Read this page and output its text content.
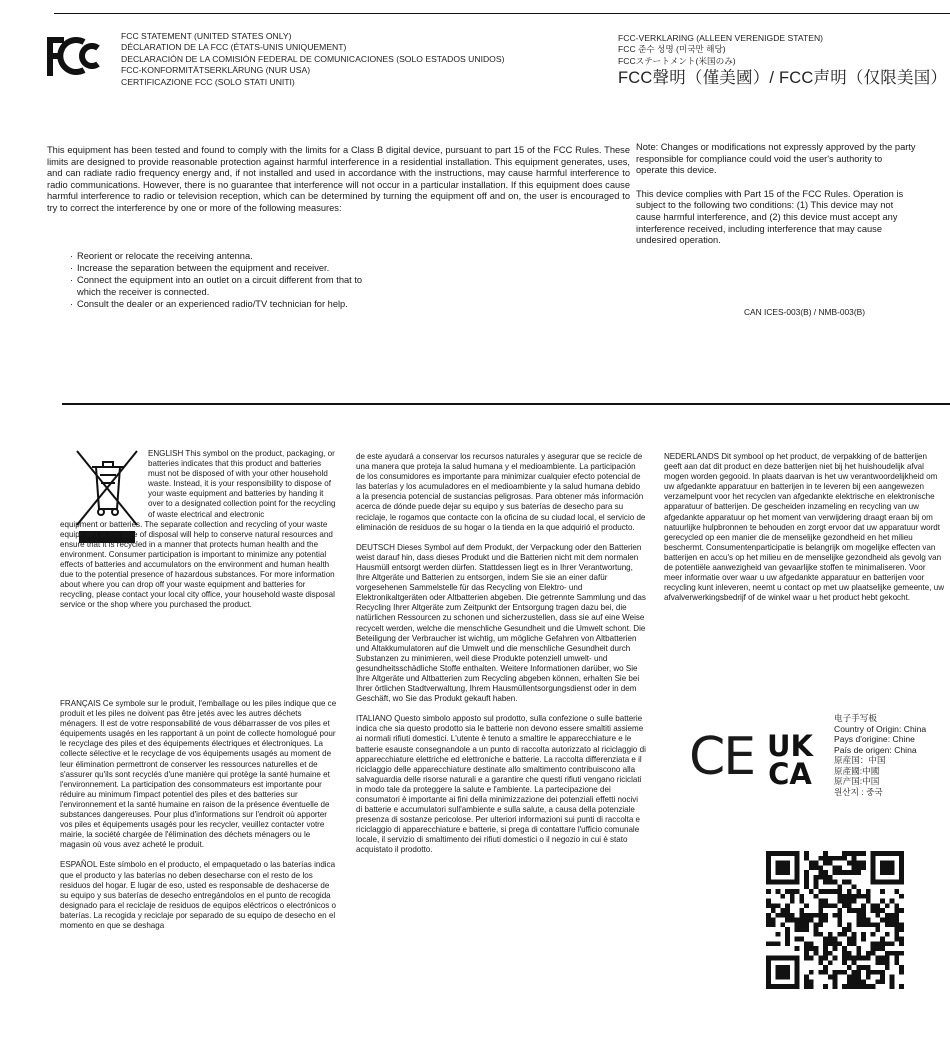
FCC STATEMENT (UNITED STATES ONLY)
DÉCLARATION DE LA FCC (ÉTATS-UNIS UNIQUEMENT)
DECLARACIÓN DE LA COMISIÓN FEDERAL DE COMUNICACIONES (SOLO ESTADOS UNIDOS)
FCC-KONFORMITÄTSERKLÄRUNG (NUR USA)
CERTIFICAZIONE FCC (SOLO STATI UNITI)
FCC-VERKLARING (ALLEEN VERENIGDE STATEN)
FCC 준수 성명 (미국만 해당)
FCCステートメント(米国のみ)
FCC聲明（僅美國）/ FCC声明（仅限美国）
This equipment has been tested and found to comply with the limits for a Class B digital device, pursuant to part 15 of the FCC Rules. These limits are designed to provide reasonable protection against harmful interference in a residential installation. This equipment generates, uses, and can radiate radio frequency energy and, if not installed and used in accordance with the instructions, may cause harmful interference to radio communications. However, there is no guarantee that interference will not occur in a particular installation. If this equipment does cause harmful interference to radio or television reception, which can be determined by turning the equipment off and on, the user is encouraged to try to correct the interference by one or more of the following measures:
· Reorient or relocate the receiving antenna.
· Increase the separation between the equipment and receiver.
· Connect the equipment into an outlet on a circuit different from that to
which the receiver is connected.
· Consult the dealer or an experienced radio/TV technician for help.

Note: Changes or modifications not expressly approved by the party responsible for compliance could void the user's authority to operate this device.

This device complies with Part 15 of the FCC Rules. Operation is subject to the following two conditions: (1) This device may not cause harmful interference, and (2) this device must accept any interference received, including interference that may cause undesired operation.

CAN ICES-003(B) / NMB-003(B)
ENGLISH This symbol on the product, packaging, or batteries indicates that this product and batteries must not be disposed of with your other household waste. Instead, it is your responsibility to dispose of your waste equipment and batteries by handing it over to a designated collection point for the recycling of waste electrical and electronic
equipment or batteries. The separate collection and recycling of your waste equipment at the time of disposal will help to conserve natural resources and ensure that it is recycled in a manner that protects human health and the environment. Consumer participation is important to minimize any potential effects of batteries and accumulators on the environment and human health due to the potential presence of hazardous substances. For more information about where you can drop off your waste equipment and batteries for recycling, please contact your local city office, your household waste disposal service or the shop where you purchased the product.

FRANÇAIS Ce symbole sur le produit, l'emballage ou les piles indique que ce produit et les piles ne doivent pas être jetés avec les autres déchets ménagers. Il est de votre responsabilité de vous débarrasser de vos piles et équipements usagés en les rapportant à un point de collecte homologué pour le recyclage des piles et des équipements électriques et électroniques. La collecte sélective et le recyclage de vos équipements usagés au moment de leur élimination permettront de conserver les ressources naturelles et de s'assurer qu'ils sont recyclés d'une manière qui protège la santé humaine et l'environnement. La participation des consommateurs est importante pour réduire au minimum l'impact potentiel des piles et des batteries sur l'environnement et la santé humaine en raison de la présence éventuelle de substances dangereuses. Pour plus d'informations sur l'endroit où apporter vos piles et équipements usagés pour les recycler, veuillez contacter votre mairie, la société chargée de l'élimination des déchets ménagers ou le magasin où vous avez acheté le produit.

ESPAÑOL Este símbolo en el producto, el empaquetado o las baterías indica que el producto y las baterías no deben desecharse con el resto de los residuos del hogar. E lugar de eso, usted es responsable de deshacerse de su equipo y sus baterías de desecho entregándolos en el punto de recogida designado para el reciclaje de residuos de equipos eléctricos o electrónicos o baterías. La recogida y reciclaje por separado de su equipo de desecho en el momento en que se deshaga

de este ayudará a conservar los recursos naturales y asegurar que se recicle de una manera que proteja la salud humana y el medioambiente. La participación de los consumidores es importante para minimizar cualquier efecto potencial de las baterías y los acumuladores en el medioambiente y la salud humana debido a la presencia potencial de sustancias peligrosas. Para obtener más información acerca de dónde puede dejar su equipo y sus baterías de desecho para su reciclaje, le rogamos que contacte con la oficina de su ciudad local, el servicio de eliminación de residuos de su hogar o la tienda en la que adquirió el producto.

DEUTSCH Dieses Symbol auf dem Produkt, der Verpackung oder den Batterien weist darauf hin, dass dieses Produkt und die Batterien nicht mit dem normalen Hausmüll entsorgt werden dürfen. Stattdessen liegt es in Ihrer Verantwortung, Ihre Altgeräte und Batterien zu entsorgen, indem Sie sie an einer dafür vorgesehenen Sammelstelle für das Recycling von Elektro- und Elektronikaltgeräten oder Altbatterien abgeben. Die getrennte Sammlung und das Recycling Ihrer Altgeräte zum Zeitpunkt der Entsorgung tragen dazu bei, die natürlichen Ressourcen zu schonen und sicherzustellen, dass sie auf eine Weise recycelt werden, welche die menschliche Gesundheit und die Umwelt schont. Die Beteiligung der Verbraucher ist wichtig, um mögliche Gefahren von Altbatterien und Altakkumulatoren auf die Umwelt und die menschliche Gesundheit durch Substanzen zu minimieren, weil diese Produkte potenziell umwelt- und gesundheitsschädliche Stoffe enthalten. Weitere Informationen darüber, wo Sie Ihre Altgeräte und Altbatterien zum Recycling abgeben können, erhalten Sie bei Ihrer örtlichen Stadtverwaltung, Ihrem Hausmüllentsorgungsdienst oder in dem Geschäft, wo Sie das Produkt gekauft haben.

ITALIANO Questo simbolo apposto sul prodotto, sulla confezione o sulle batterie indica che sia questo prodotto sia le batterie non devono essere smaltiti assieme ai normali rifiuti domestici. L'utente è tenuto a smaltire le apparecchiature e le batterie esauste consegnandole a un punto di raccolta autorizzato al riciclaggio di apparecchiature elettriche ed elettroniche e batterie. La raccolta differenziata e il riciclaggio delle apparecchiature destinate allo smaltimento contribuiscono alla salvaguardia delle risorse naturali e a garantire che questi rifiuti vengano riciclati in modo tale da proteggere la salute e l'ambiente. La partecipazione dei consumatori è importante ai fini della minimizzazione dei potenziali effetti nocivi di batterie e accumulatori sull'ambiente e sulla salute, a causa della potenziale presenza di sostanze pericolose. Per ulteriori informazioni sui punti di raccolta e riciclaggio di apparecchiature e batterie, si prega di contattare l'ufficio comunale locale, il servizio di smaltimento dei rifiuti domestici o il negozio in cui è stato acquistato il prodotto.

NEDERLANDS Dit symbool op het product, de verpakking of de batterijen geeft aan dat dit product en deze batterijen niet bij het huishoudelijk afval mogen worden gegooid. In plaats daarvan is het uw verantwoordelijkheid om uw afgedankte apparatuur en batterijen in te leveren bij een aangewezen verzamelpunt voor het recyclen van afgedankte elektrische en elektronische apparatuur of batterijen. De gescheiden inzameling en recycling van uw afgedankte apparatuur op het moment van verwijdering draagt eraan bij om natuurlijke hulpbronnen te behouden en zorgt ervoor dat uw apparatuur wordt gerecycled op een manier die de menselijke gezondheid en het milieu beschermt. Consumentenparticipatie is belangrijk om mogelijke effecten van batterijen en accu's op het milieu en de menselijke gezondheid als gevolg van de potentiële aanwezigheid van gevaarlijke stoffen te minimaliseren. Voor meer informatie over waar u uw afgedankte apparatuur en batterijen voor recycling kunt inleveren, neemt u contact op met uw plaatselijke gemeente, uw afvalverwerkingsbedrijf of de winkel waar u het product hebt gekocht.

CE UK
CA
电子手写板
Country of Origin: China
Pays d'origine: Chine
País de origen: China
原産国：中国
原產國:中國
原产国:中国
원산지 : 중국
